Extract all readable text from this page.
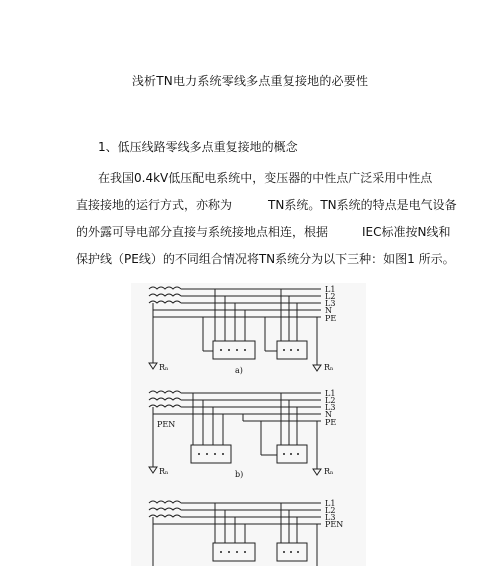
浅析TN电力系统零线多点重复接地的必要性
1、低压线路零线多点重复接地的概念
在我国0.4kV低压配电系统中，变压器的中性点广泛采用中性点
直接接地的运行方式，亦称为	TN系统。TN系统的特点是电气设备
的外露可导电部分直接与系统接地点相连，根据	IEC标准按N线和
保护线（PE线）的不同组合情况将TN系统分为以下三种：如图1 所示。
L1
L2
L3
N
PE
Rₙ	Rₙ
a)
L1
L2
L3
N
PE
PEN
Rₙ	Rₙ
b)
L1
L2
L3
PEN
